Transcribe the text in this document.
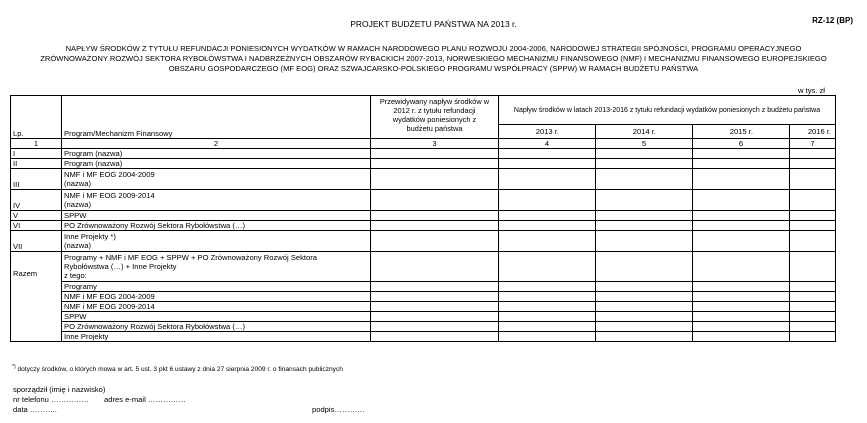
PROJEKT BUDŻETU PAŃSTWA NA 2013 r.	RZ-12 (BP)
NAPŁYW ŚRODKÓW Z TYTUŁU REFUNDACJI PONIESIONYCH WYDATKÓW W RAMACH NARODOWEGO PLANU ROZWOJU 2004-2006, NARODOWEJ STRATEGII SPÓJNOŚCI, PROGRAMU OPERACYJNEGO
ZRÓWNOWAŻONY ROZWÓJ SEKTORA RYBOŁÓWSTWA I NADBRZEŻNYCH OBSZARÓW RYBACKICH 2007-2013, NORWESKIEGO MECHANIZMU FINANSOWEGO (NMF) I MECHANIZMU FINANSOWEGO EUROPEJSKIEGO
OBSZARU GOSPODARCZEGO (MF EOG) ORAZ SZWAJCARSKO-POLSKIEGO PROGRAMU WSPÓŁPRACY (SPPW) W RAMACH BUDŻETU PAŃSTWA
w tys. zł
Lp.	Program/Mechanizm Finansowy	Przewidywany napływ środków w 2012 r. z tytułu refundacji wydatków poniesionych z budżetu państwa	Napływ środków w latach 2013-2016 z tytułu refundacji wydatków poniesionych z budżetu państwa			
			2013 r.	2014 r.	2015 r.	2016 r.
1	2	3	4	5	6	7
I	Program (nazwa)					
II	Program (nazwa)					
III	NMF i MF EOG 2004-2009
(nazwa)					

IV	NMF i MF EOG 2009-2014
(nazwa)					

V	SPPW					
VI	PO Zrównoważony Rozwój Sektora Rybołówstwa (…)					
VII	Inne Projekty *)
(nazwa)					

Razem	Programy + NMF i MF EOG + SPPW + PO Zrównoważony Rozwój Sektora
Rybołówstwa (…) + Inne Projekty
z tego:					

	Programy					
	NMF i MF EOG 2004-2009					
	NMF i MF EOG 2009-2014					
	SPPW					
	PO Zrównoważony Rozwój Sektora Rybołówstwa (…)					
	Inne Projekty					
*) dotyczy środków, o których mowa w art. 5 ust. 3 pkt 6 ustawy z dnia 27 sierpnia 2009 r. o finansach publicznych
sporządził (imię i nazwisko)
nr telefonu …………… adres e-mail ……………
data ………..	podpis…………
